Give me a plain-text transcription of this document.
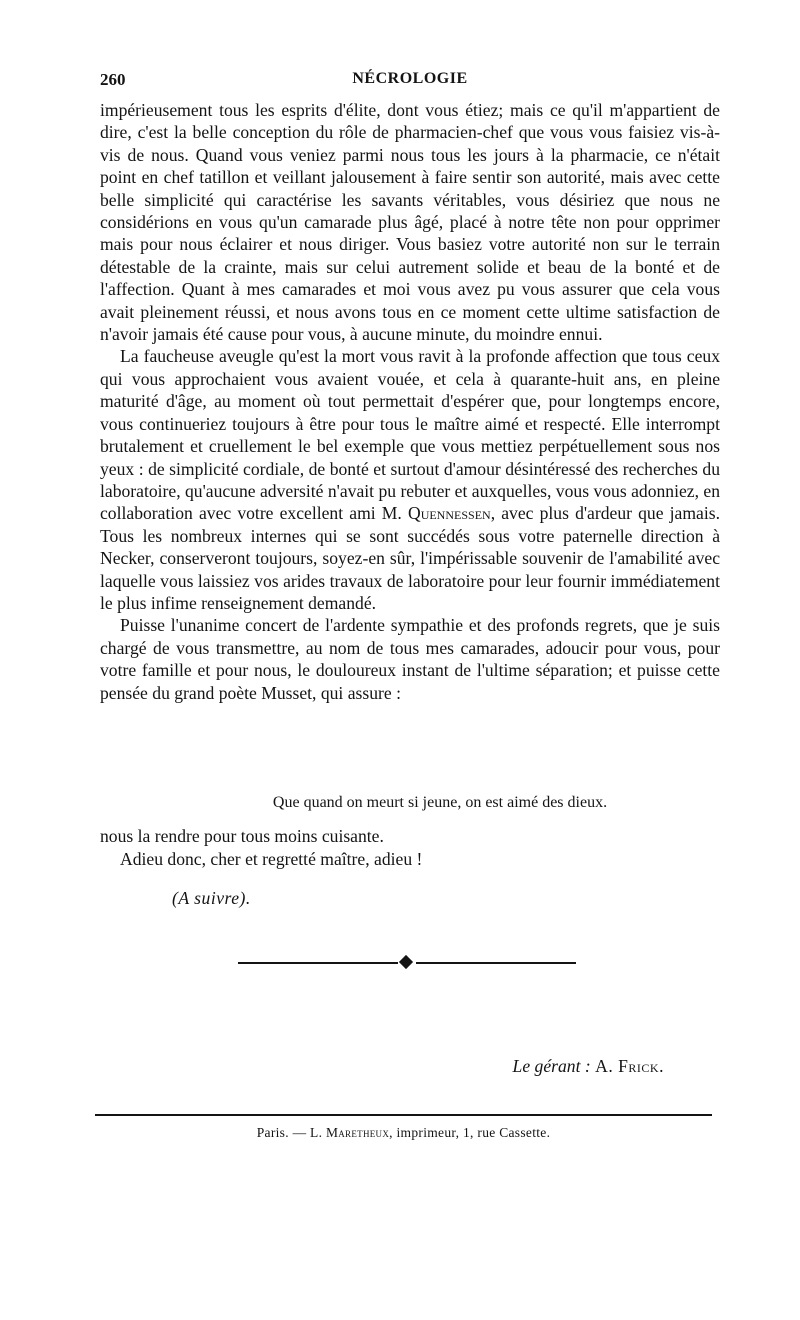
260	NÉCROLOGIE

impérieusement tous les esprits d'élite, dont vous étiez; mais ce qu'il m'appartient de dire, c'est la belle conception du rôle de pharmacien-chef que vous vous faisiez vis-à-vis de nous. Quand vous veniez parmi nous tous les jours à la pharmacie, ce n'était point en chef tatillon et veillant jalousement à faire sentir son autorité, mais avec cette belle simplicité qui caractérise les savants véritables, vous désiriez que nous ne considérions en vous qu'un camarade plus âgé, placé à notre tête non pour opprimer mais pour nous éclairer et nous diriger. Vous basiez votre autorité non sur le terrain détestable de la crainte, mais sur celui autrement solide et beau de la bonté et de l'affection. Quant à mes camarades et moi vous avez pu vous assurer que cela vous avait pleinement réussi, et nous avons tous en ce moment cette ultime satisfaction de n'avoir jamais été cause pour vous, à aucune minute, du moindre ennui.

La faucheuse aveugle qu'est la mort vous ravit à la profonde affection que tous ceux qui vous approchaient vous avaient vouée, et cela à quarante-huit ans, en pleine maturité d'âge, au moment où tout permettait d'espérer que, pour longtemps encore, vous continueriez toujours à être pour tous le maître aimé et respecté. Elle interrompt brutalement et cruellement le bel exemple que vous mettiez perpétuellement sous nos yeux : de simplicité cordiale, de bonté et surtout d'amour désintéressé des recherches du laboratoire, qu'aucune adversité n'avait pu rebuter et auxquelles, vous vous adonniez, en collaboration avec votre excellent ami M. Quennessen, avec plus d'ardeur que jamais. Tous les nombreux internes qui se sont succédés sous votre paternelle direction à Necker, conserveront toujours, soyez-en sûr, l'impérissable souvenir de l'amabilité avec laquelle vous laissiez vos arides travaux de laboratoire pour leur fournir immédiatement le plus infime renseignement demandé.

Puisse l'unanime concert de l'ardente sympathie et des profonds regrets, que je suis chargé de vous transmettre, au nom de tous mes camarades, adoucir pour vous, pour votre famille et pour nous, le douloureux instant de l'ultime séparation; et puisse cette pensée du grand poète Musset, qui assure :

Que quand on meurt si jeune, on est aimé des dieux.

nous la rendre pour tous moins cuisante.

Adieu donc, cher et regretté maître, adieu !

(A suivre).
Le gérant : A. Frick.
Paris. — L. Maretheux, imprimeur, 1, rue Cassette.
